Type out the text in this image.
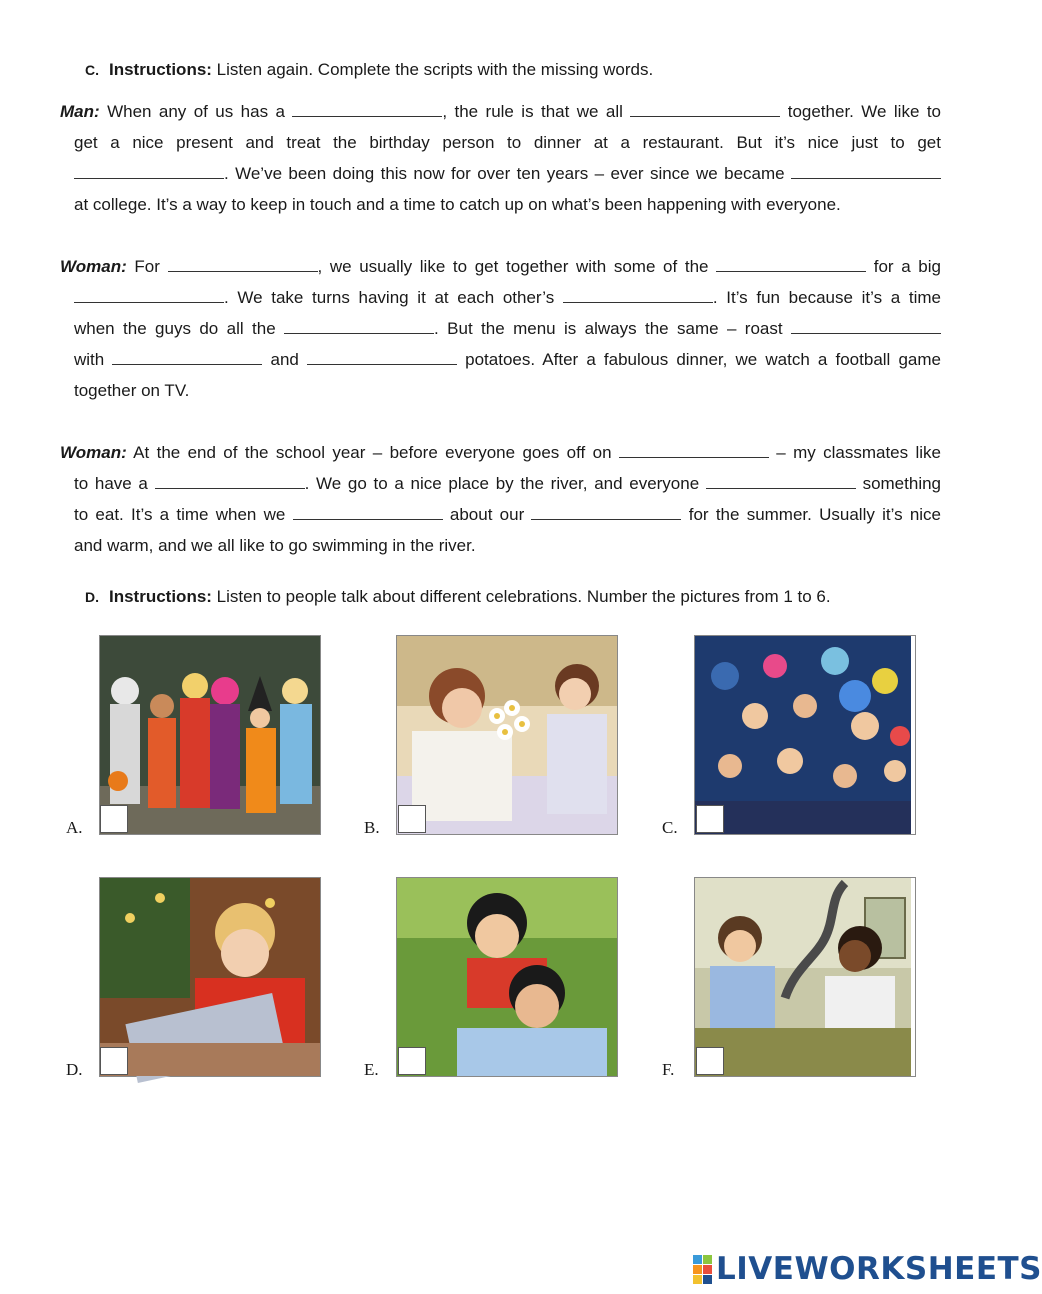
C. Instructions: Listen again. Complete the scripts with the missing words.
Man: When any of us has a	, the rule is that we all	together. We like to
get a nice present and treat the birthday person to dinner at a restaurant. But it’s nice just to get
. We’ve been doing this now for over ten years – ever since we became
at college. It’s a way to keep in touch and a time to catch up on what’s been happening with everyone.
Woman: For	, we usually like to get together with some of the	for a big
. We take turns having it at each other’s	. It’s fun because it’s a time
when the guys do all the	. But the menu is always the same – roast
with	and	potatoes. After a fabulous dinner, we watch a football game
together on TV.
Woman: At the end of the school year – before everyone goes off on	– my classmates like
to have a	. We go to a nice place by the river, and everyone	something
to eat. It’s a time when we	about our	for the summer. Usually it’s nice
and warm, and we all like to go swimming in the river.
D. Instructions: Listen to people talk about different celebrations. Number the pictures from 1 to 6.
A.	B.	C.
D.	E.	F.
LIVEWORKSHEETS
